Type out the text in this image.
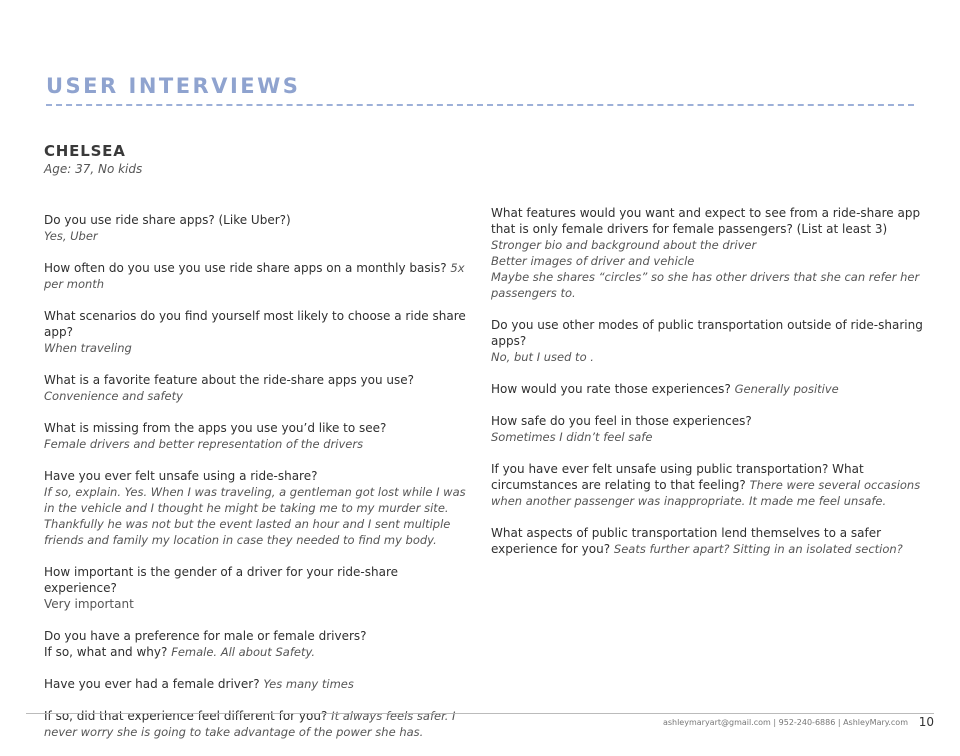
USER INTERVIEWS
CHELSEA
Age: 37, No kids
Do you use ride share apps? (Like Uber?)
Yes, Uber
How often do you use you use ride share apps on a monthly basis? 5x per month
What scenarios do you find yourself most likely to choose a ride share app?
When traveling
What is a favorite feature about the ride-share apps you use?
Convenience and safety
What is missing from the apps you use you’d like to see?
Female drivers and better representation of the drivers
Have you ever felt unsafe using a ride-share?
If so, explain. Yes. When I was traveling, a gentleman got lost while I was in the vehicle and I thought he might be taking me to my murder site. Thankfully he was not but the event lasted an hour and I sent multiple friends and family my location in case they needed to find my body.
How important is the gender of a driver for your ride-share experience?
Very important
Do you have a preference for male or female drivers?
If so, what and why? Female. All about Safety.
Have you ever had a female driver? Yes many times
If so, did that experience feel different for you? It always feels safer. I never worry she is going to take advantage of the power she has.
What features would you want and expect to see from a ride-share app that is only female drivers for female passengers? (List at least 3)
Stronger bio and background about the driver
Better images of driver and vehicle
Maybe she shares “circles” so she has other drivers that she can refer her passengers to.
Do you use other modes of public transportation outside of ride-sharing apps?
No, but I used to .
How would you rate those experiences? Generally positive
How safe do you feel in those experiences?
Sometimes I didn’t feel safe
If you have ever felt unsafe using public transportation? What circumstances are relating to that feeling? There were several occasions when another passenger was inappropriate. It made me feel unsafe.
What aspects of public transportation lend themselves to a safer experience for you? Seats further apart? Sitting in an isolated section?
ashleymaryart@gmail.com | 952-240-6886 | AshleyMary.com 10
